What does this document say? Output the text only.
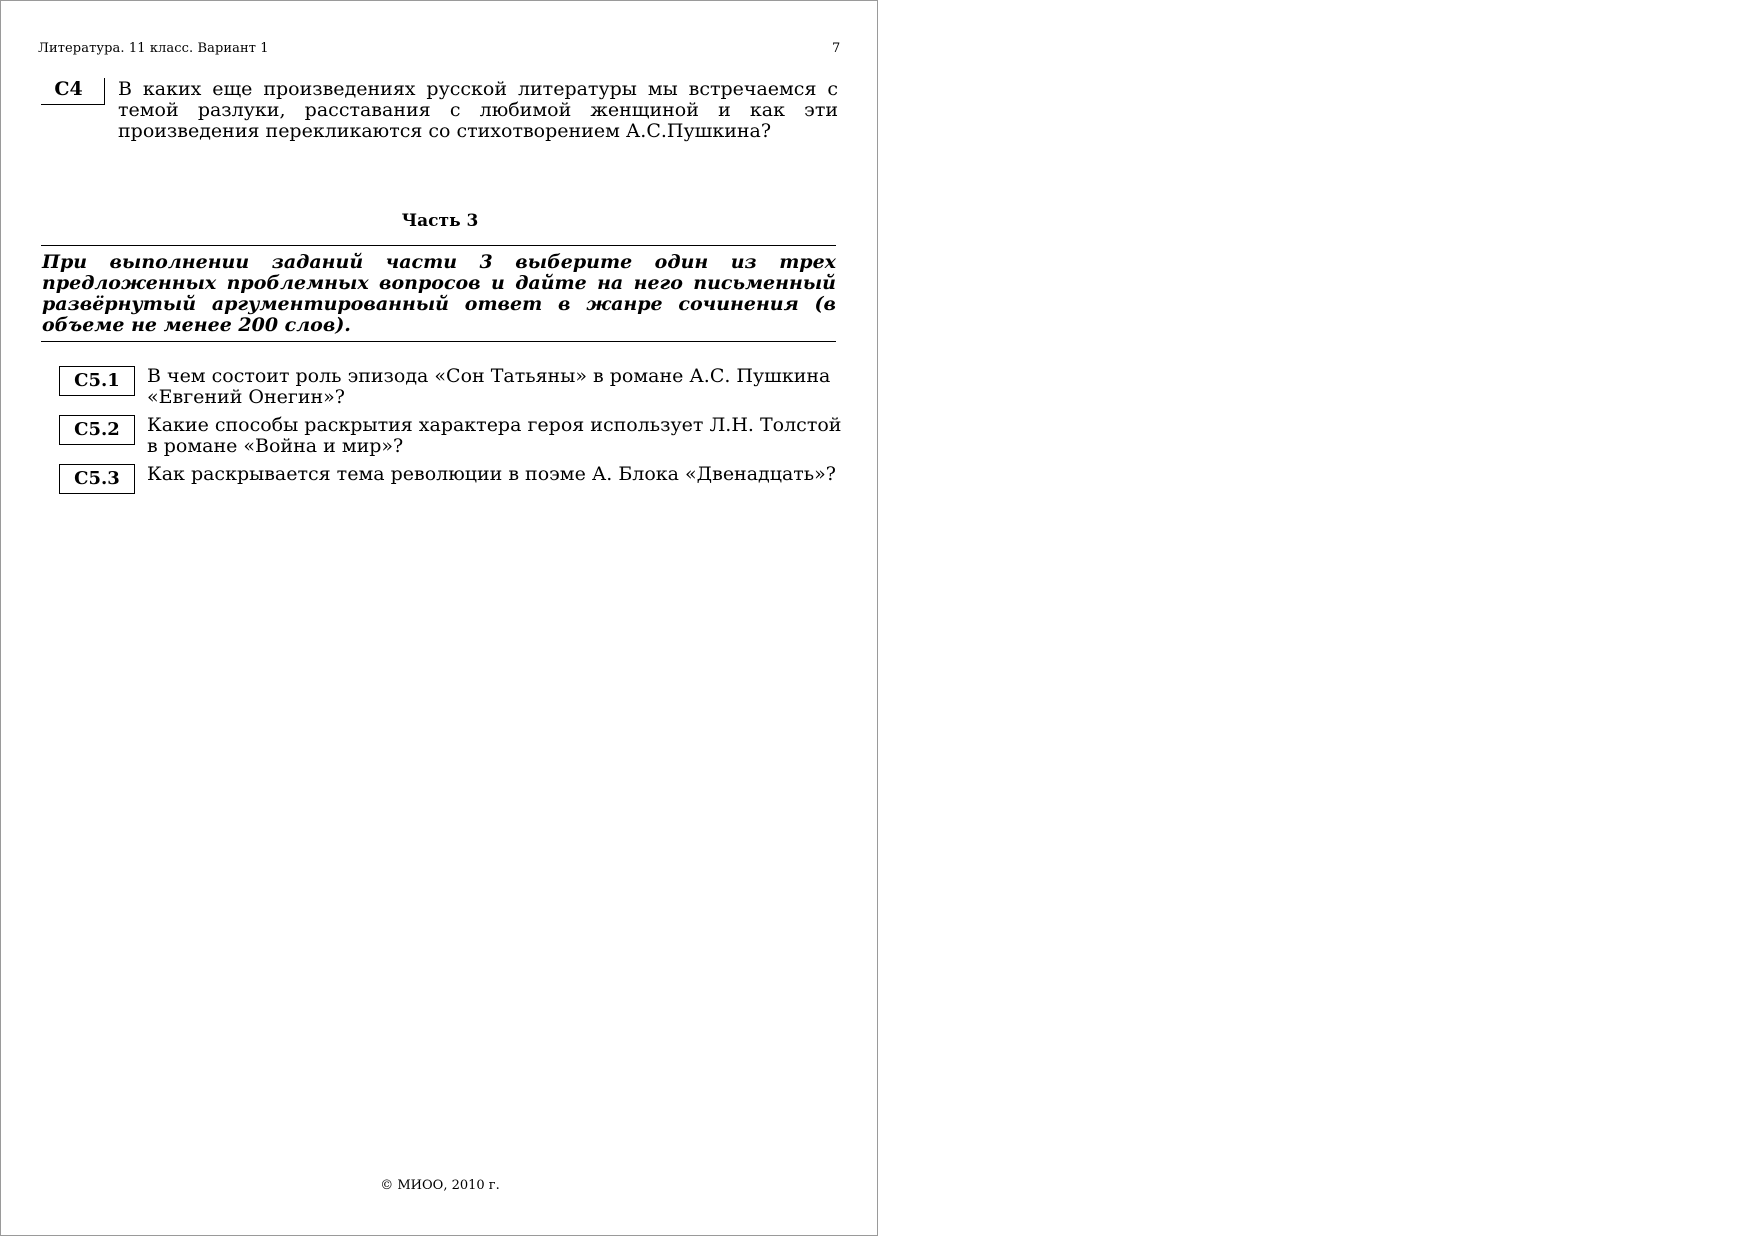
Литература. 11 класс. Вариант 1	7
С4	В каких еще произведениях русской литературы мы встречаемся с темой разлуки, расставания с любимой женщиной и как эти произведения перекликаются со стихотворением А.С.Пушкина?
Часть 3
При выполнении заданий части 3 выберите один из трех предложенных проблемных вопросов и дайте на него письменный развёрнутый аргументированный ответ в жанре сочинения (в объеме не менее 200 слов).
С5.1	В чем состоит роль эпизода «Сон Татьяны» в романе А.С. Пушкина «Евгений Онегин»?
С5.2	Какие способы раскрытия характера героя использует Л.Н. Толстой в романе «Война и мир»?
С5.3	Как раскрывается тема революции в поэме А. Блока «Двенадцать»?
© МИОО, 2010 г.
